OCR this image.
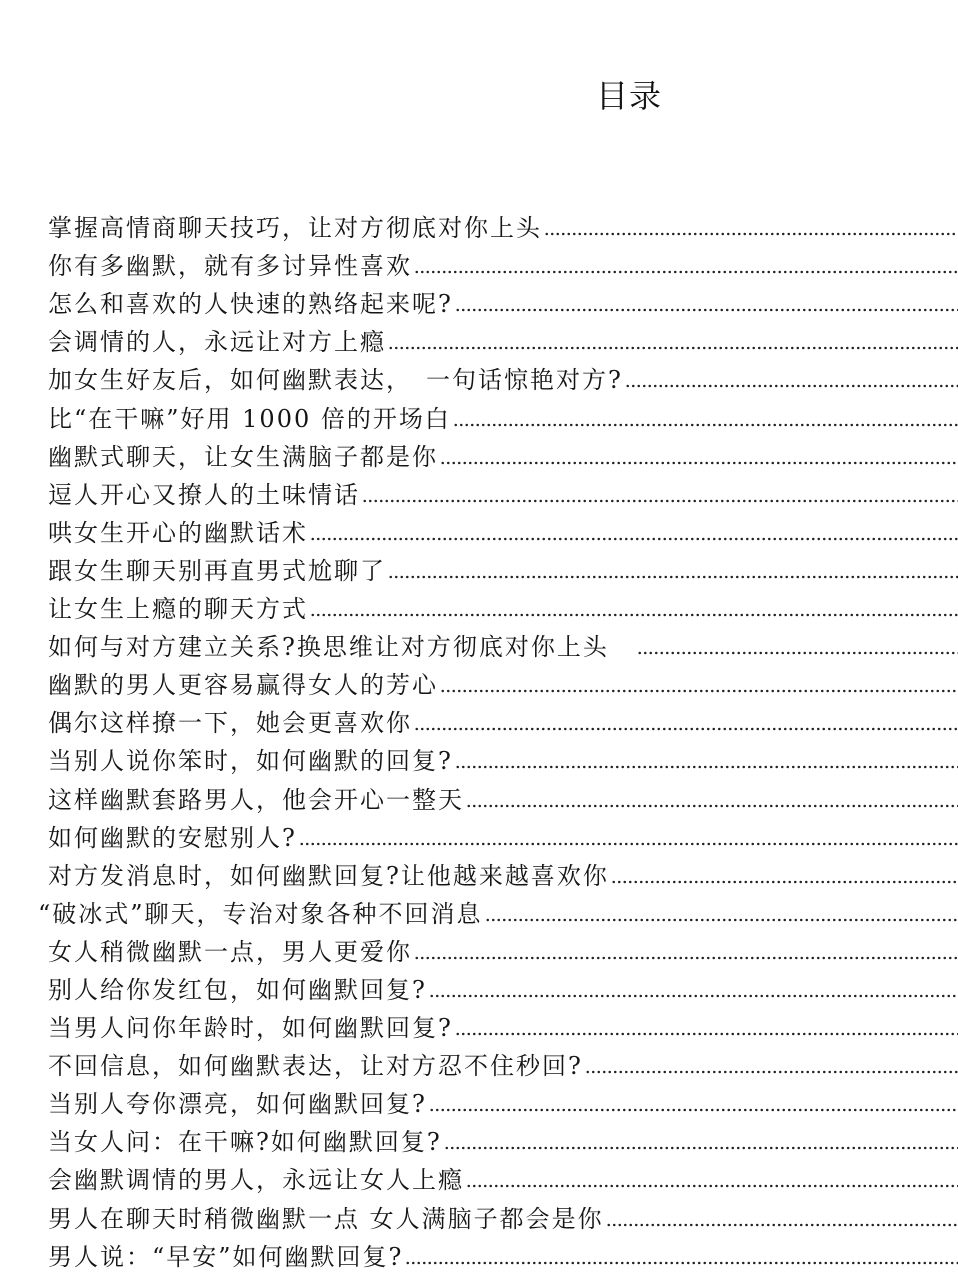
目录
掌握高情商聊天技巧，让对方彻底对你上头
你有多幽默，就有多讨异性喜欢
怎么和喜欢的人快速的熟络起来呢?
会调情的人，永远让对方上瘾
加女生好友后，如何幽默表达，　一句话惊艳对方?
比“在干嘛”好用 1000 倍的开场白
幽默式聊天，让女生满脑子都是你
逗人开心又撩人的土味情话
哄女生开心的幽默话术
跟女生聊天别再直男式尬聊了
让女生上瘾的聊天方式
如何与对方建立关系?换思维让对方彻底对你上头　
幽默的男人更容易赢得女人的芳心
偶尔这样撩一下，她会更喜欢你
当别人说你笨时，如何幽默的回复?
这样幽默套路男人，他会开心一整天
如何幽默的安慰别人?
对方发消息时，如何幽默回复?让他越来越喜欢你
“破冰式”聊天，专治对象各种不回消息
女人稍微幽默一点，男人更爱你
别人给你发红包，如何幽默回复?
当男人问你年龄时，如何幽默回复?
不回信息，如何幽默表达，让对方忍不住秒回?
当别人夸你漂亮，如何幽默回复?
当女人问：在干嘛?如何幽默回复?
会幽默调情的男人，永远让女人上瘾
男人在聊天时稍微幽默一点 女人满脑子都会是你
男人说：“早安”如何幽默回复?
